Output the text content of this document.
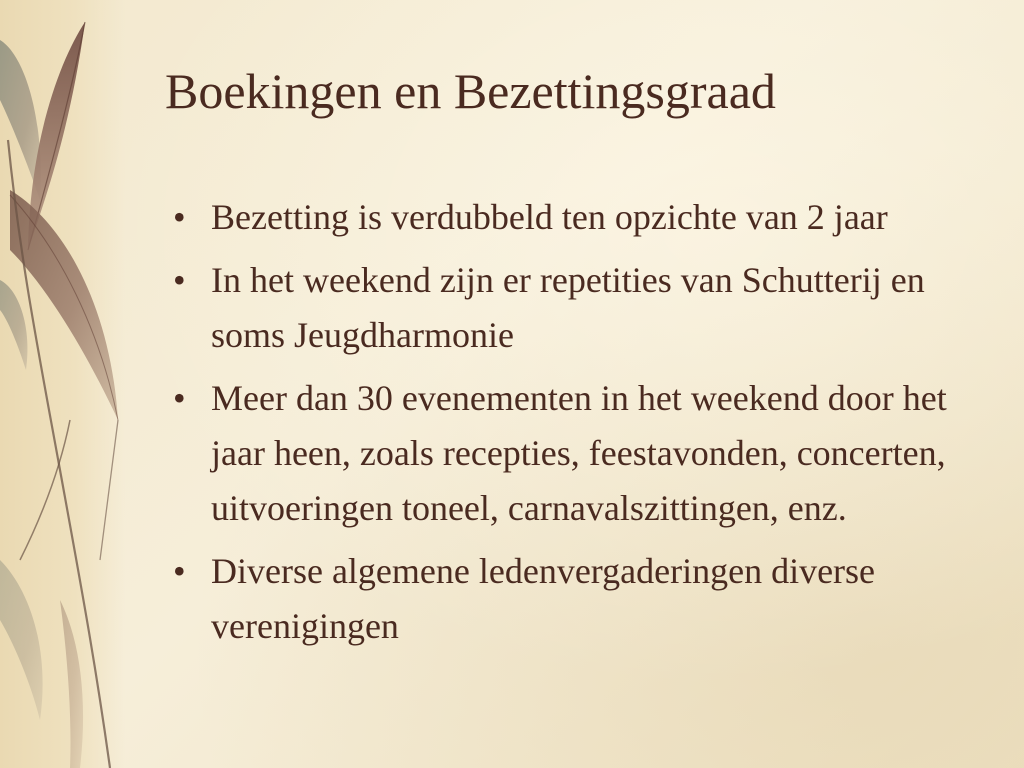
Boekingen en Bezettingsgraad
• Bezetting is verdubbeld ten opzichte van 2 jaar
• In het weekend zijn er repetities van Schutterij en soms Jeugdharmonie
• Meer dan 30 evenementen in het weekend door het jaar heen, zoals recepties, feestavonden, concerten, uitvoeringen toneel, carnavalszittingen, enz.
• Diverse algemene ledenvergaderingen diverse verenigingen
